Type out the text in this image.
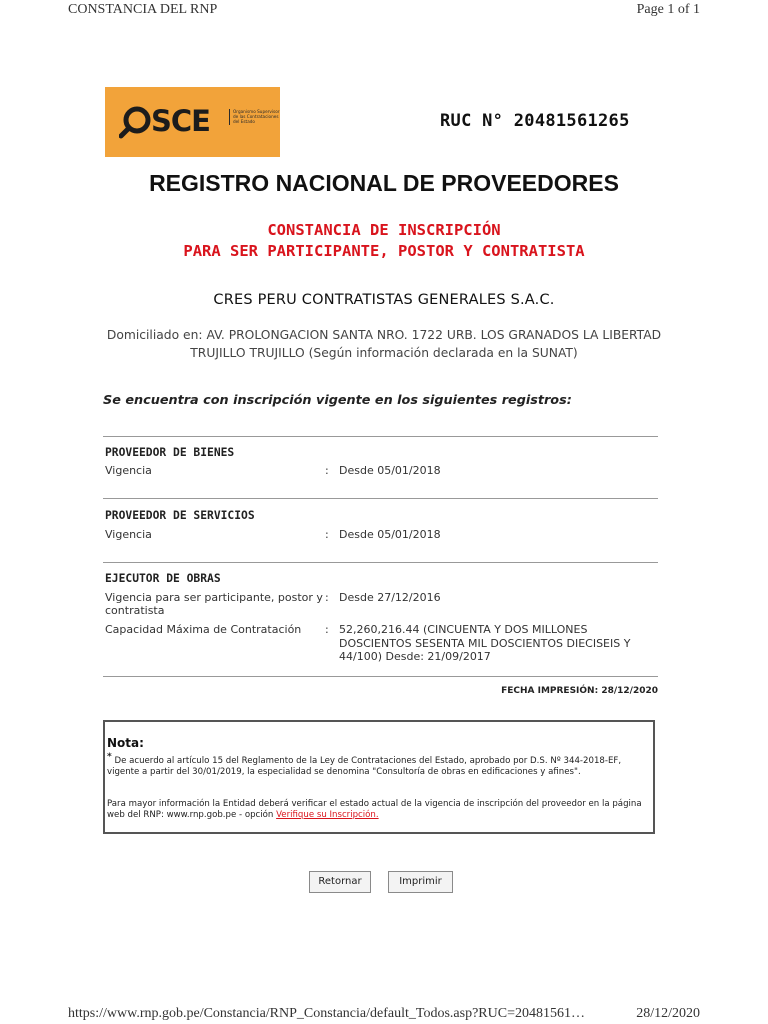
CONSTANCIA DEL RNP	Page 1 of 1
SCE	Organismo Supervisor de las Contrataciones del Estado	RUC N° 20481561265
REGISTRO NACIONAL DE PROVEEDORES
CONSTANCIA DE INSCRIPCIÓN
PARA SER PARTICIPANTE, POSTOR Y CONTRATISTA
CRES PERU CONTRATISTAS GENERALES S.A.C.
Domiciliado en: AV. PROLONGACION SANTA NRO. 1722 URB. LOS GRANADOS LA LIBERTAD TRUJILLO TRUJILLO (Según información declarada en la SUNAT)
Se encuentra con inscripción vigente en los siguientes registros:
PROVEEDOR DE BIENES
Vigencia	: Desde 05/01/2018
PROVEEDOR DE SERVICIOS
Vigencia	: Desde 05/01/2018
EJECUTOR DE OBRAS
Vigencia para ser participante, postor y contratista
: Desde 27/12/2016
Capacidad Máxima de Contratación	: 52,260,216.44 (CINCUENTA Y DOS MILLONES DOSCIENTOS SESENTA MIL DOSCIENTOS DIECISEIS Y 44/100) Desde: 21/09/2017
FECHA IMPRESIÓN: 28/12/2020
Nota:
* De acuerdo al artículo 15 del Reglamento de la Ley de Contrataciones del Estado, aprobado por D.S. Nº 344-2018-EF, vigente a partir del 30/01/2019, la especialidad se denomina "Consultoría de obras en edificaciones y afines".
Para mayor información la Entidad deberá verificar el estado actual de la vigencia de inscripción del proveedor en la página web del RNP: www.rnp.gob.pe - opción Verifique su Inscripción.
Retornar	Imprimir
https://www.rnp.gob.pe/Constancia/RNP_Constancia/default_Todos.asp?RUC=20481561…	28/12/2020
